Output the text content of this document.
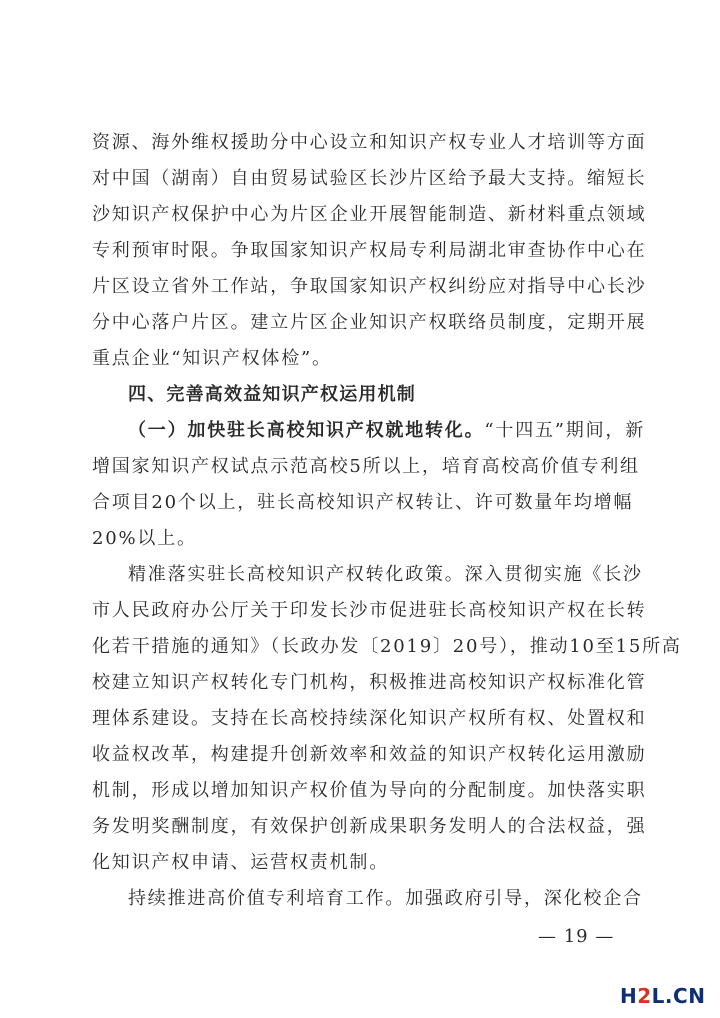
资源、海外维权援助分中心设立和知识产权专业人才培训等方面
对中国（湖南）自由贸易试验区长沙片区给予最大支持。缩短长
沙知识产权保护中心为片区企业开展智能制造、新材料重点领域
专利预审时限。争取国家知识产权局专利局湖北审查协作中心在
片区设立省外工作站，争取国家知识产权纠纷应对指导中心长沙
分中心落户片区。建立片区企业知识产权联络员制度，定期开展
重点企业“知识产权体检”。
四、完善高效益知识产权运用机制
（一）加快驻长高校知识产权就地转化。“十四五”期间，新
增国家知识产权试点示范高校5所以上，培育高校高价值专利组
合项目20个以上，驻长高校知识产权转让、许可数量年均增幅
20%以上。
精准落实驻长高校知识产权转化政策。深入贯彻实施《长沙
市人民政府办公厅关于印发长沙市促进驻长高校知识产权在长转
化若干措施的通知》（长政办发〔2019〕20号），推动10至15所高
校建立知识产权转化专门机构，积极推进高校知识产权标准化管
理体系建设。支持在长高校持续深化知识产权所有权、处置权和
收益权改革，构建提升创新效率和效益的知识产权转化运用激励
机制，形成以增加知识产权价值为导向的分配制度。加快落实职
务发明奖酬制度，有效保护创新成果职务发明人的合法权益，强
化知识产权申请、运营权责机制。
持续推进高价值专利培育工作。加强政府引导，深化校企合
— 19 —
H2L.CN
